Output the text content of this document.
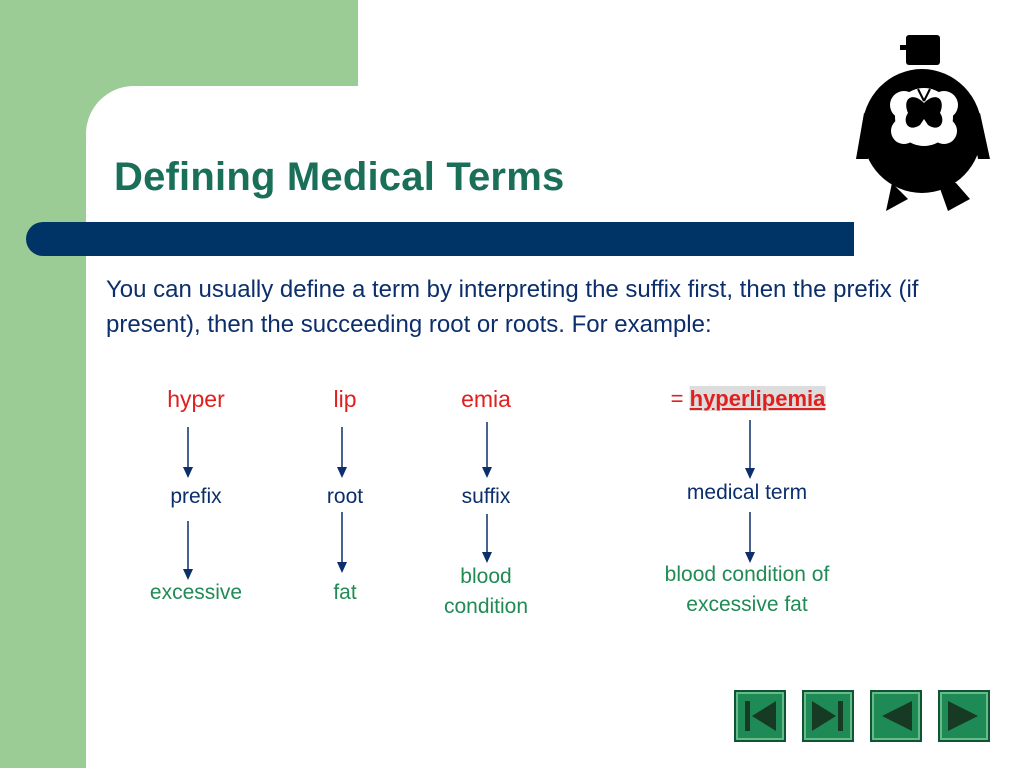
Defining Medical Terms
You can usually define a term by interpreting the suffix first, then the prefix (if present), then the succeeding root or roots. For example:
hyper
prefix
excessive
lip
root
fat
emia
suffix
blood
condition
= hyperlipemia
medical term
blood condition of
excessive fat
